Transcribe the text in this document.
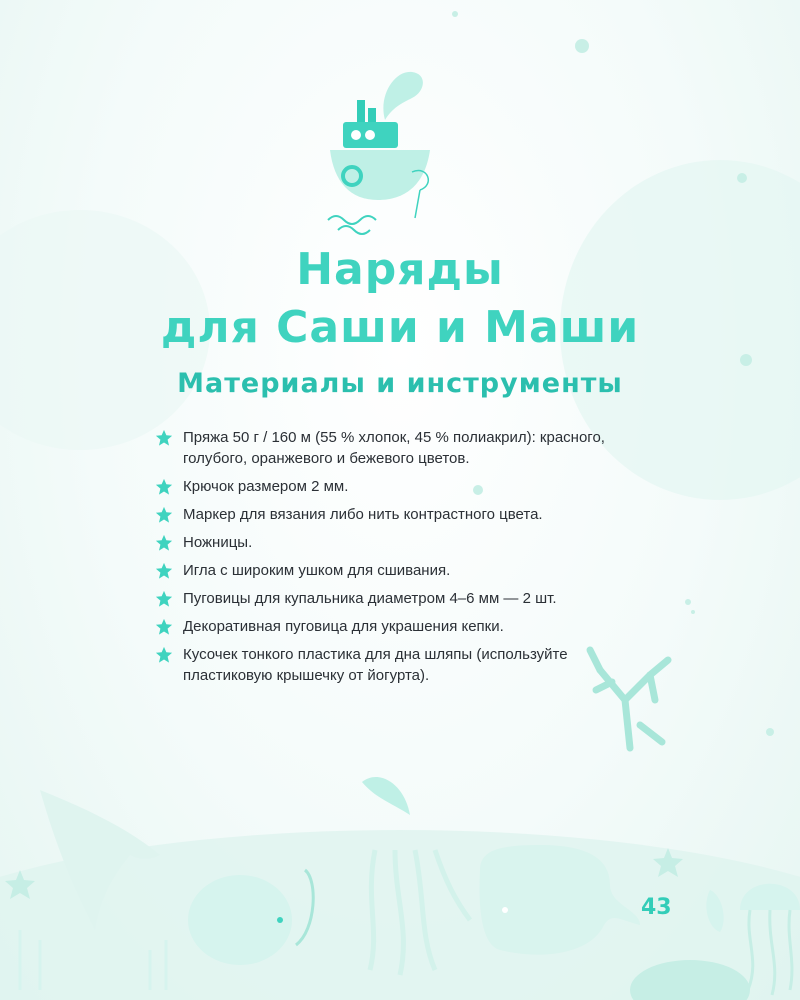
Наряды
для Саши и Маши
Материалы и инструменты
Пряжа 50 г / 160 м (55 % хлопок, 45 % полиакрил): красного, голубого, оранжевого и бежевого цветов.
Крючок размером 2 мм.
Маркер для вязания либо нить контрастного цвета.
Ножницы.
Игла с широким ушком для сшивания.
Пуговицы для купальника диаметром 4–6 мм — 2 шт.
Декоративная пуговица для украшения кепки.
Кусочек тонкого пластика для дна шляпы (используйте пластиковую крышечку от йогурта).
43
